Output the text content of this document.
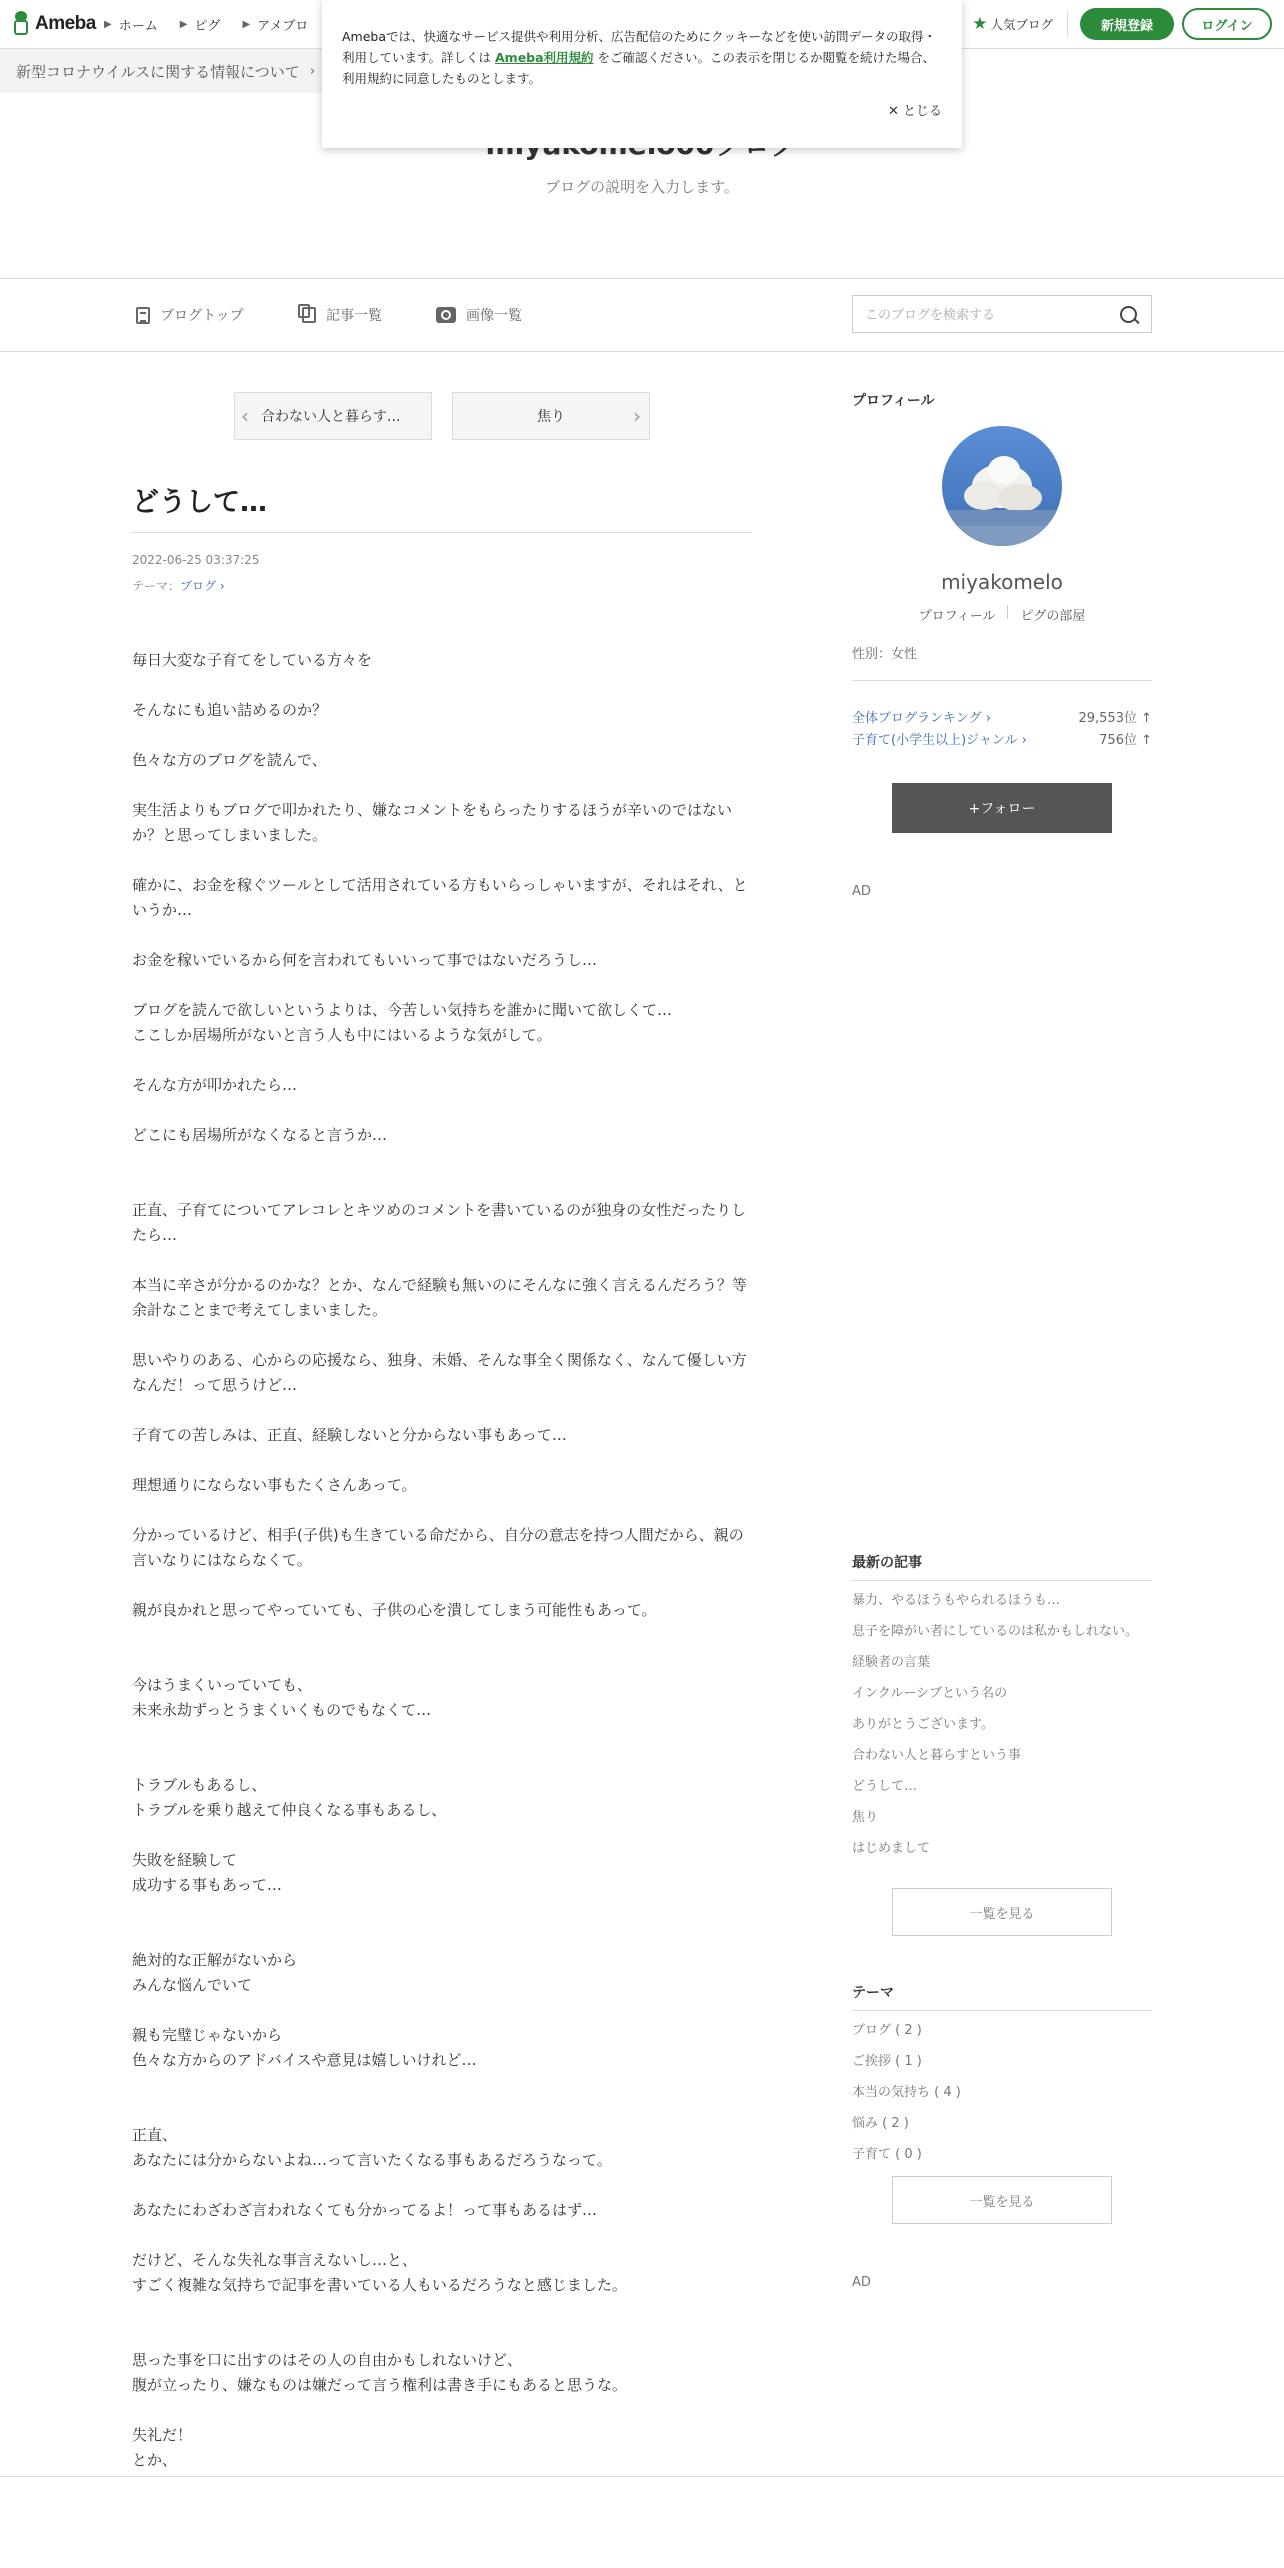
Ameba ▶ ホーム ▶ ピグ ▶ アメブロ	★ 人気ブログ	新規登録	ログイン
新型コロナウイルスに関する情報について ›

Amebaでは、快適なサービス提供や利用分析、広告配信のためにクッキーなどを使い訪問データの取得・利用しています。詳しくは Ameba利用規約 をご確認ください。この表示を閉じるか閲覧を続けた場合、利用規約に同意したものとします。

✕ とじる
ブログの説明を入力します。
ブログトップ	記事一覧	画像一覧
このブログを検索する
‹ 合わない人と暮らす...	焦り	›
どうして…
2022-06-25 03:37:25
テーマ：ブログ ›

毎日大変な子育てをしている方々を

そんなにも追い詰めるのか？

色々な方のブログを読んで、

実生活よりもブログで叩かれたり、嫌なコメントをもらったりするほうが辛いのではないか？と思ってしまいました。

確かに、お金を稼ぐツールとして活用されている方もいらっしゃいますが、それはそれ、というか…

お金を稼いでいるから何を言われてもいいって事ではないだろうし…

ブログを読んで欲しいというよりは、今苦しい気持ちを誰かに聞いて欲しくて…
ここしか居場所がないと言う人も中にはいるような気がして。

そんな方が叩かれたら…

どこにも居場所がなくなると言うか…

正直、子育てについてアレコレとキツめのコメントを書いているのが独身の女性だったりしたら…

本当に辛さが分かるのかな？とか、なんで経験も無いのにそんなに強く言えるんだろう？等余計なことまで考えてしまいました。

思いやりのある、心からの応援なら、独身、未婚、そんな事全く関係なく、なんて優しい方なんだ！って思うけど…

子育ての苦しみは、正直、経験しないと分からない事もあって…

理想通りにならない事もたくさんあって。

分かっているけど、相手(子供)も生きている命だから、自分の意志を持つ人間だから、親の言いなりにはならなくて。

親が良かれと思ってやっていても、子供の心を潰してしまう可能性もあって。

今はうまくいっていても、
未来永劫ずっとうまくいくものでもなくて…

トラブルもあるし、
トラブルを乗り越えて仲良くなる事もあるし、

失敗を経験して
成功する事もあって…

絶対的な正解がないから
みんな悩んでいて

親も完璧じゃないから
色々な方からのアドバイスや意見は嬉しいけれど…

正直、
あなたには分からないよね…って言いたくなる事もあるだろうなって。

あなたにわざわざ言われなくても分かってるよ！って事もあるはず…

だけど、そんな失礼な事言えないし…と、
すごく複雑な気持ちで記事を書いている人もいるだろうなと感じました。

思った事を口に出すのはその人の自由かもしれないけど、
腹が立ったり、嫌なものは嫌だって言う権利は書き手にもあると思うな。

失礼だ！
とか、

プロフィール
miyakomelo
プロフィール ピグの部屋
性別：女性
全体ブログランキング ›	29,553位 ↑
子育て(小学生以上)ジャンル ›	756位 ↑
+フォロー
AD
最新の記事
暴力、やるほうもやられるほうも…
息子を障がい者にしているのは私かもしれない。
経験者の言葉
インクルーシブという名の
ありがとうございます。
合わない人と暮らすという事
どうして…
焦り
はじめまして
一覧を見る
テーマ
ブログ ( 2 )
ご挨拶 ( 1 )
本当の気持ち ( 4 )
悩み ( 2 )
子育て ( 0 )
一覧を見る
AD
